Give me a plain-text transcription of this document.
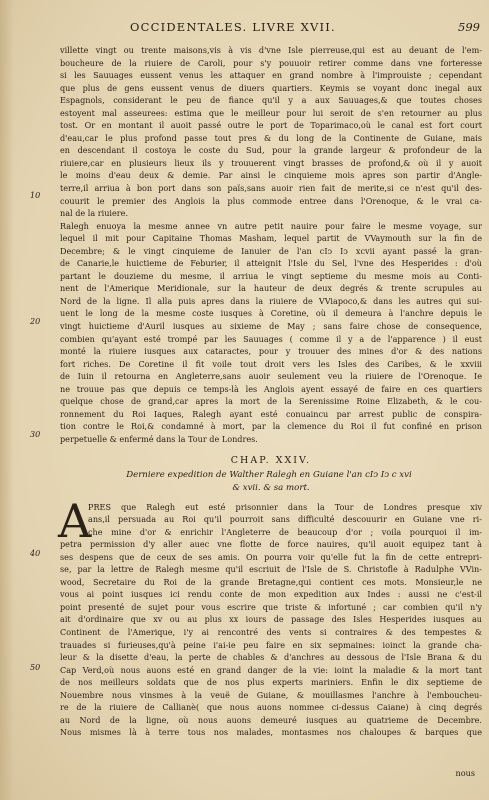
OCCIDENTALES. LIVRE XVII.	599
10
20
30
40
50
villette vingt ou trente maisons,vis à vis d'vne Isle pierreuse,qui est au deuant de l'em-
boucheure de la riuiere de Caroli, pour s'y pouuoir retirer comme dans vne forteresse
si les Sauuages eussent venus les attaquer en grand nombre à l'improuiste ; cependant
que plus de gens eussent venus de diuers quartiers. Keymis se voyant donc inegal aux
Espagnols, considerant le peu de fiance qu'il y a aux Sauuages,& que toutes choses
estoyent mal asseurees: estima que le meilleur pour lui seroit de s'en retourner au plus
tost. Or en montant il auoit passé outre le port de Toparimaco,où le canal est fort court
d'eau,car le plus profond passe tout pres & du long de la Continente de Guiane, mais
en descendant il costoya le coste du Sud, pour la grande largeur & profondeur de la
riuiere,car en plusieurs lieux ils y trouuerent vingt brasses de profond,& où il y auoit
le moins d'eau deux & demie. Par ainsi le cinquieme mois apres son partir d'Angle-
terre,il arriua à bon port dans son païs,sans auoir rien fait de merite,si ce n'est qu'il des-
couurit le premier des Anglois la plus commode entree dans l'Orenoque, & le vrai ca-
nal de la riuiere.
Ralegh enuoya la mesme annee vn autre petit nauire pour faire le mesme voyage, sur
lequel il mit pour Capitaine Thomas Masham, lequel partit de VVaymouth sur la fin de
Decembre; & le vingt cinquieme de Ianuier de l'an cIↄ Iↄ xcvii ayant passé la gran-
de Canarie,le huictieme de Feburier, il atteignit l'Isle du Sel, l'vne des Hesperides : d'où
partant le douzieme du mesme, il arriua le vingt septieme du mesme mois au Conti-
nent de l'Amerique Meridionale, sur la hauteur de deux degrés & trente scrupules au
Nord de la ligne. Il alla puis apres dans la riuiere de VViapoco,& dans les autres qui sui-
uent le long de la mesme coste iusques à Coretine, où il demeura à l'anchre depuis le
vingt huictieme d'Auril iusques au sixieme de May ; sans faire chose de consequence,
combien qu'ayant esté trompé par les Sauuages ( comme il y a de l'apparence ) il eust
monté la riuiere iusques aux cataractes, pour y trouuer des mines d'or & des nations
fort riches. De Coretine il fit voile tout droit vers les Isles des Caribes, & le xxviii
de Iuin il retourna en Angleterre,sans auoir seulement veu la riuiere de l'Orenoque. Ie
ne trouue pas que depuis ce temps-là les Anglois ayent essayé de faire en ces quartiers
quelque chose de grand,car apres la mort de la Serenissime Roine Elizabeth, & le cou-
ronnement du Roi Iaques, Ralegh ayant esté conuaincu par arrest public de conspira-
tion contre le Roi,& condamné à mort, par la clemence du Roi il fut confiné en prison
perpetuelle & enfermé dans la Tour de Londres.
CHAP. XXIV.
Derniere expedition de Walther Ralegh en Guiane l'an cIↄ Iↄ c xvi
& xvii. & sa mort.
A
PRES que Ralegh eut esté prisonnier dans la Tour de Londres presque xiv
ans,il persuada au Roi qu'il pourroit sans difficulté descouurir en Guiane vne ri-
che mine d'or & enrichir l'Angleterre de beaucoup d'or ; voila pourquoi il im-
petra permission d'y aller auec vne flotte de force nauires, qu'il auoit equipez tant à
ses despens que de ceux de ses amis. On pourra voir qu'elle fut la fin de cette entrepri-
se, par la lettre de Ralegh mesme qu'il escriuit de l'Isle de S. Christofle à Radulphe VVin-
wood, Secretaire du Roi de la grande Bretagne,qui contient ces mots. Monsieur,le ne
vous ai point iusques ici rendu conte de mon expedition aux Indes : aussi ne c'est-il
point presenté de sujet pour vous escrire que triste & infortuné ; car combien qu'il n'y
ait d'ordinaire que xv ou au plus xx iours de passage des Isles Hesperides iusques au
Continent de l'Amerique, i'y ai rencontré des vents si contraires & des tempestes &
trauades si furieuses,qu'à peine i'ai-ie peu faire en six sepmaines: ioinct la grande cha-
leur & la disette d'eau, la perte de chables & d'anchres au dessous de l'Isle Brana & du
Cap Verd,où nous auons esté en grand danger de la vie: ioint la maladie & la mort tant
de nos meilleurs soldats que de nos plus experts mariniers. Enfin le dix septieme de
Nouembre nous vinsmes à la veuë de Guiane, & mouillasmes l'anchre à l'emboucheu-
re de la riuiere de Callianè( que nous auons nommee ci-dessus Caiane) à cinq degrés
au Nord de la ligne, où nous auons demeuré iusques au quatrieme de Decembre.
Nous mismes là à terre tous nos malades, montasmes nos chaloupes & barques que
nous
